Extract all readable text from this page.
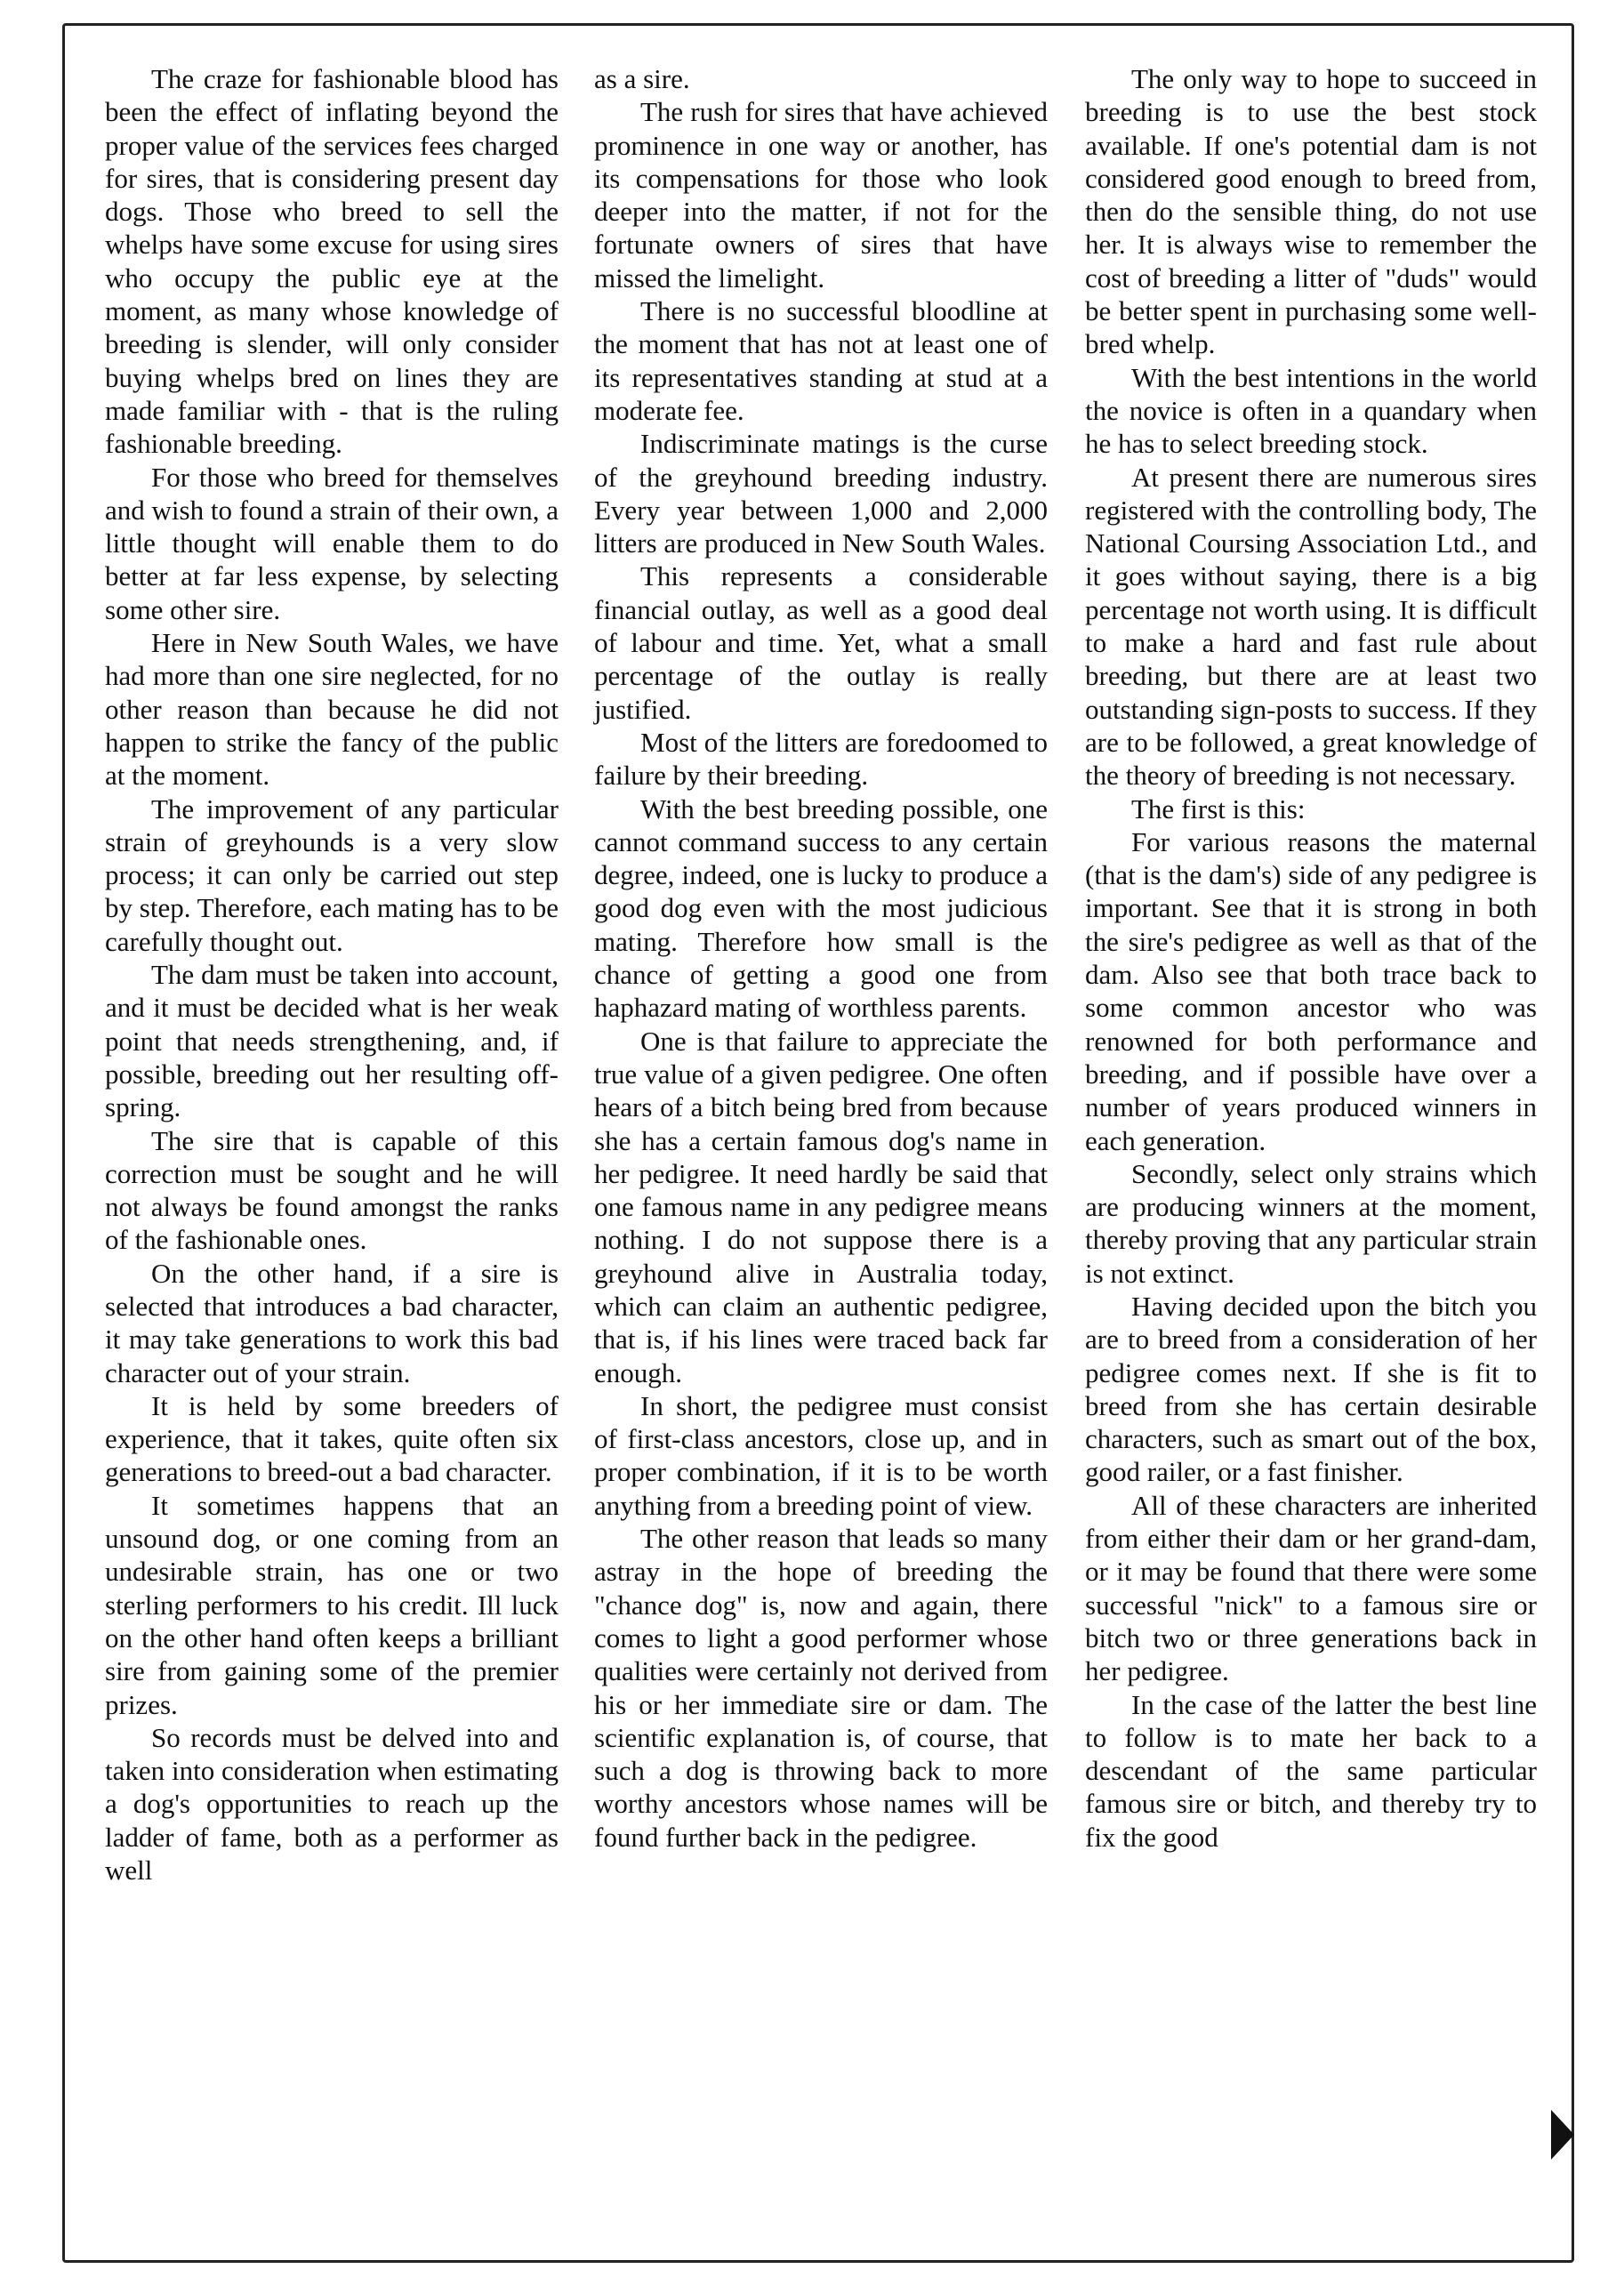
The craze for fashionable blood has been the effect of inflating beyond the proper value of the services fees charged for sires, that is considering present day dogs. Those who breed to sell the whelps have some excuse for using sires who occupy the public eye at the moment, as many whose knowledge of breeding is slender, will only consider buying whelps bred on lines they are made familiar with - that is the ruling fashionable breeding.

For those who breed for themselves and wish to found a strain of their own, a little thought will enable them to do better at far less expense, by selecting some other sire.

Here in New South Wales, we have had more than one sire neglected, for no other reason than because he did not happen to strike the fancy of the public at the moment.

The improvement of any particular strain of greyhounds is a very slow process; it can only be carried out step by step. Therefore, each mating has to be carefully thought out.

The dam must be taken into account, and it must be decided what is her weak point that needs strengthening, and, if possible, breeding out her resulting off-spring.

The sire that is capable of this correction must be sought and he will not always be found amongst the ranks of the fashionable ones.

On the other hand, if a sire is selected that introduces a bad character, it may take generations to work this bad character out of your strain.

It is held by some breeders of experience, that it takes, quite often six generations to breed-out a bad character.

It sometimes happens that an unsound dog, or one coming from an undesirable strain, has one or two sterling performers to his credit. Ill luck on the other hand often keeps a brilliant sire from gaining some of the premier prizes.

So records must be delved into and taken into consideration when estimating a dog's opportunities to reach up the ladder of fame, both as a performer as well

as a sire.

The rush for sires that have achieved prominence in one way or another, has its compensations for those who look deeper into the matter, if not for the fortunate owners of sires that have missed the limelight.

There is no successful bloodline at the moment that has not at least one of its representatives standing at stud at a moderate fee.

Indiscriminate matings is the curse of the greyhound breeding industry. Every year between 1,000 and 2,000 litters are produced in New South Wales.

This represents a considerable financial outlay, as well as a good deal of labour and time. Yet, what a small percentage of the outlay is really justified.

Most of the litters are foredoomed to failure by their breeding.

With the best breeding possible, one cannot command success to any certain degree, indeed, one is lucky to produce a good dog even with the most judicious mating. Therefore how small is the chance of getting a good one from haphazard mating of worthless parents.

One is that failure to appreciate the true value of a given pedigree. One often hears of a bitch being bred from because she has a certain famous dog's name in her pedigree. It need hardly be said that one famous name in any pedigree means nothing. I do not suppose there is a greyhound alive in Australia today, which can claim an authentic pedigree, that is, if his lines were traced back far enough.

In short, the pedigree must consist of first-class ancestors, close up, and in proper combination, if it is to be worth anything from a breeding point of view.

The other reason that leads so many astray in the hope of breeding the "chance dog" is, now and again, there comes to light a good performer whose qualities were certainly not derived from his or her immediate sire or dam. The scientific explanation is, of course, that such a dog is throwing back to more worthy ancestors whose names will be found further back in the pedigree.

The only way to hope to succeed in breeding is to use the best stock available. If one's potential dam is not considered good enough to breed from, then do the sensible thing, do not use her. It is always wise to remember the cost of breeding a litter of "duds" would be better spent in purchasing some well-bred whelp.

With the best intentions in the world the novice is often in a quandary when he has to select breeding stock.

At present there are numerous sires registered with the controlling body, The National Coursing Association Ltd., and it goes without saying, there is a big percentage not worth using. It is difficult to make a hard and fast rule about breeding, but there are at least two outstanding sign-posts to success. If they are to be followed, a great knowledge of the theory of breeding is not necessary.

The first is this:

For various reasons the maternal (that is the dam's) side of any pedigree is important. See that it is strong in both the sire's pedigree as well as that of the dam. Also see that both trace back to some common ancestor who was renowned for both performance and breeding, and if possible have over a number of years produced winners in each generation.

Secondly, select only strains which are producing winners at the moment, thereby proving that any particular strain is not extinct.

Having decided upon the bitch you are to breed from a consideration of her pedigree comes next. If she is fit to breed from she has certain desirable characters, such as smart out of the box, good railer, or a fast finisher.

All of these characters are inherited from either their dam or her grand-dam, or it may be found that there were some successful "nick" to a famous sire or bitch two or three generations back in her pedigree.

In the case of the latter the best line to follow is to mate her back to a descendant of the same particular famous sire or bitch, and thereby try to fix the good
